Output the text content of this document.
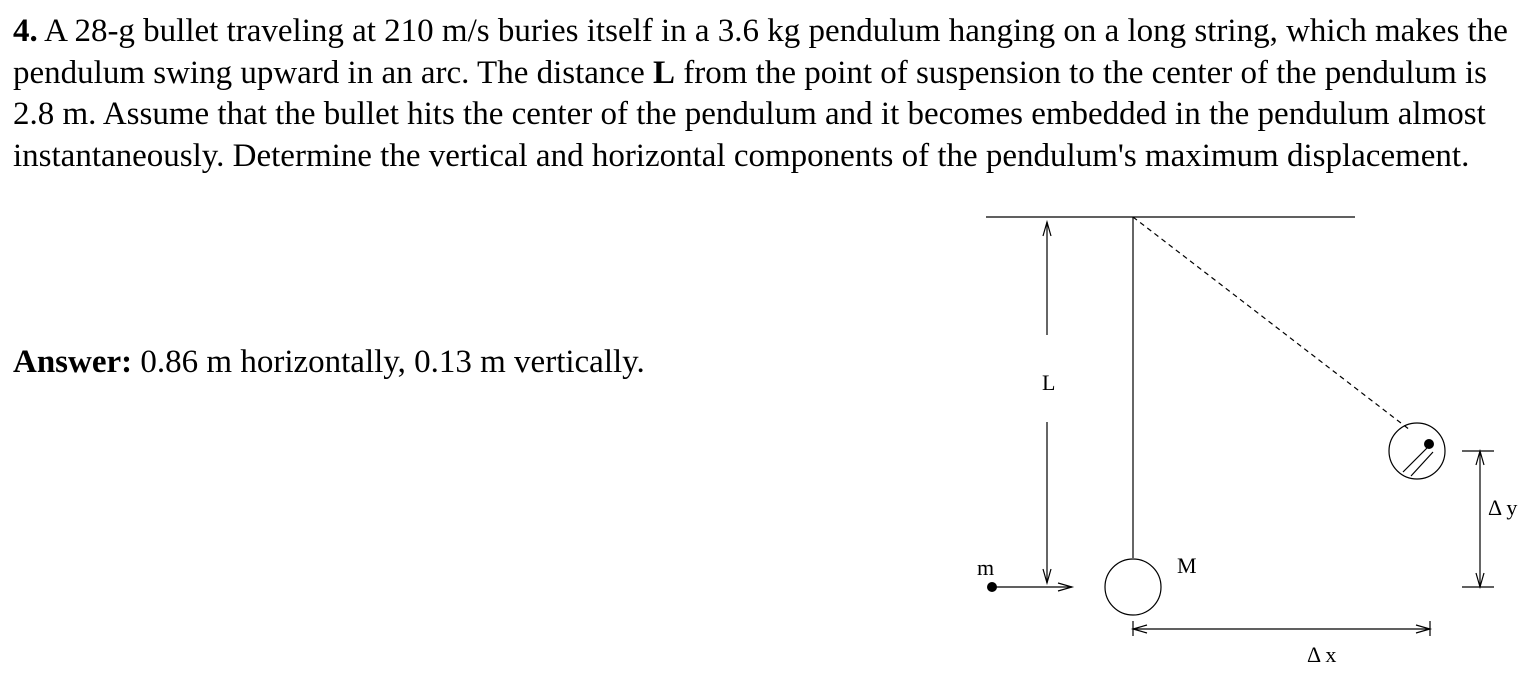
4. A 28-g bullet traveling at 210 m/s buries itself in a 3.6 kg pendulum hanging on a long string, which makes the pendulum swing upward in an arc. The distance L from the point of suspension to the center of the pendulum is 2.8 m. Assume that the bullet hits the center of the pendulum and it becomes embedded in the pendulum almost instantaneously. Determine the vertical and horizontal components of the pendulum's maximum displacement.

Answer: 0.86 m horizontally, 0.13 m vertically.

L
m	M
Δ y
Δ x
